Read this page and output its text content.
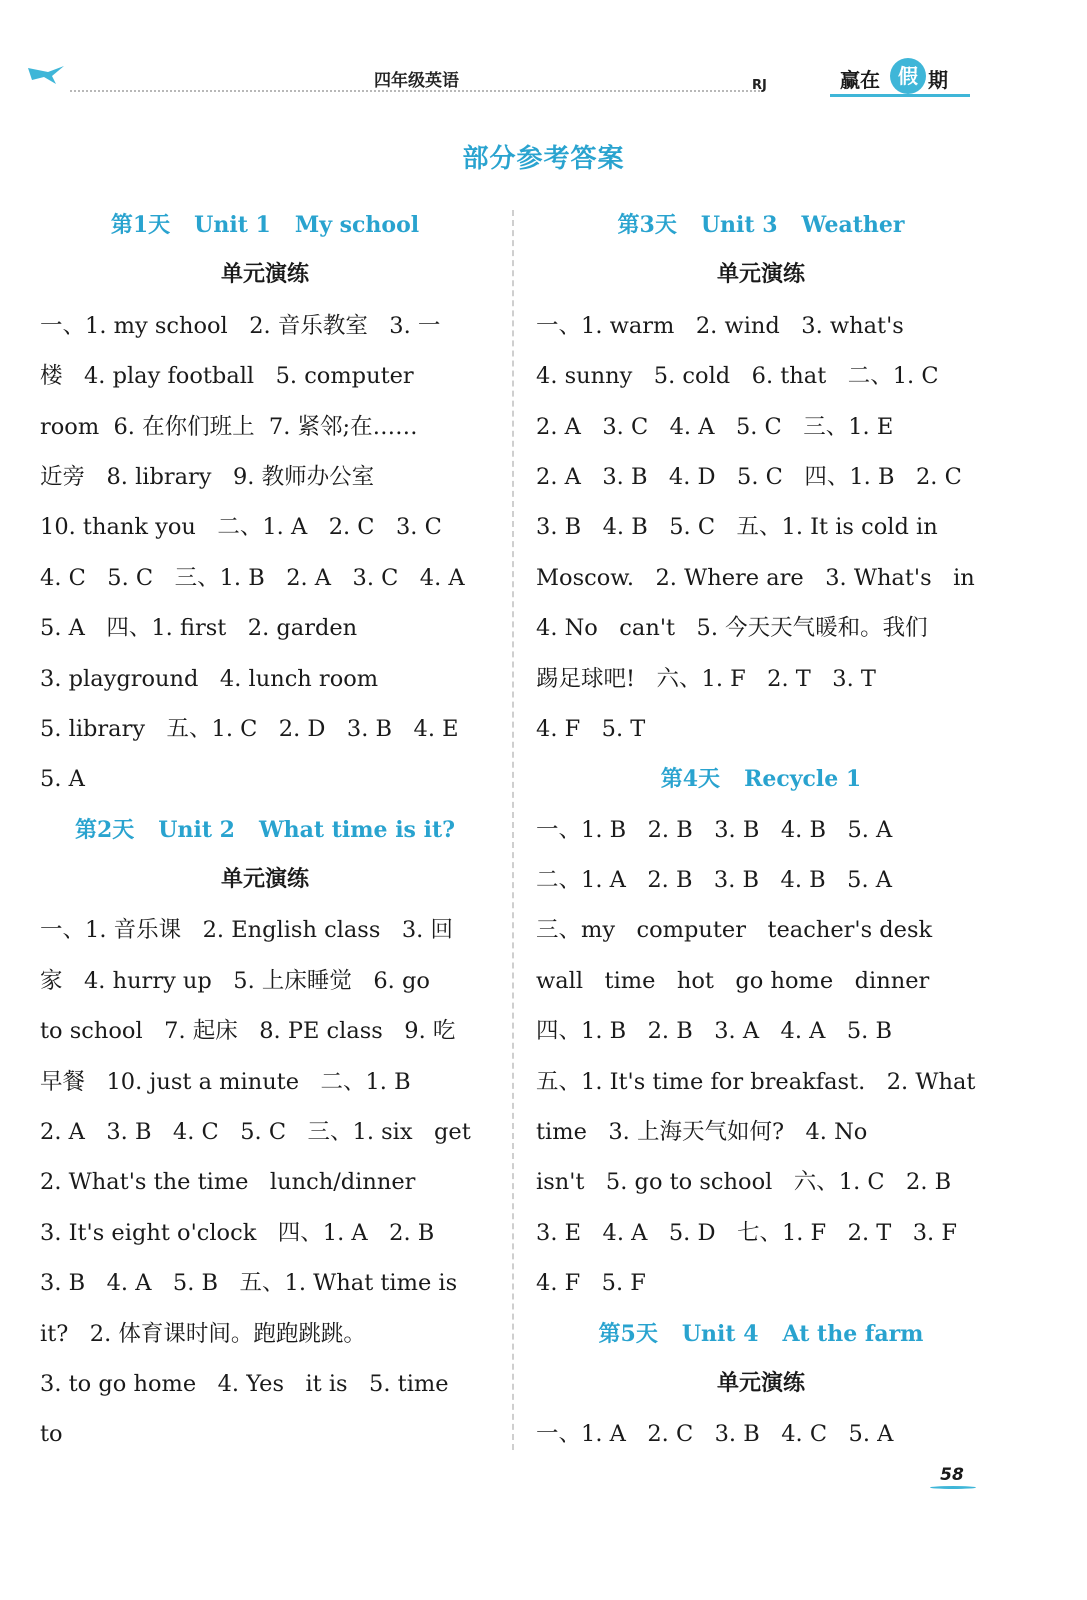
四年级英语	RJ	赢在 假 期
部分参考答案
第1天 Unit 1 My school
单元演练
一、1. my school   2. 音乐教室   3. 一
楼   4. play football   5. computer
room  6. 在你们班上  7. 紧邻;在……
近旁   8. library   9. 教师办公室
10. thank you   二、1. A   2. C   3. C
4. C   5. C   三、1. B   2. A   3. C   4. A
5. A   四、1. first   2. garden
3. playground   4. lunch room
5. library   五、1. C   2. D   3. B   4. E
5. A
第2天 Unit 2 What time is it?
单元演练
一、1. 音乐课   2. English class   3. 回
家   4. hurry up   5. 上床睡觉   6. go
to school   7. 起床   8. PE class   9. 吃
早餐   10. just a minute   二、1. B
2. A   3. B   4. C   5. C   三、1. six   get
2. What's the time   lunch/dinner
3. It's eight o'clock   四、1. A   2. B
3. B   4. A   5. B   五、1. What time is
it?   2. 体育课时间。跑跑跳跳。
3. to go home   4. Yes   it is   5. time
to
第3天 Unit 3 Weather
单元演练
一、1. warm   2. wind   3. what's
4. sunny   5. cold   6. that   二、1. C
2. A   3. C   4. A   5. C   三、1. E
2. A   3. B   4. D   5. C   四、1. B   2. C
3. B   4. B   5. C   五、1. It is cold in
Moscow.   2. Where are   3. What's   in
4. No   can't   5. 今天天气暖和。我们
踢足球吧!   六、1. F   2. T   3. T
4. F   5. T
第4天 Recycle 1
一、1. B   2. B   3. B   4. B   5. A
二、1. A   2. B   3. B   4. B   5. A
三、my   computer   teacher's desk
wall   time   hot   go home   dinner
四、1. B   2. B   3. A   4. A   5. B
五、1. It's time for breakfast.   2. What
time   3. 上海天气如何?   4. No
isn't   5. go to school   六、1. C   2. B
3. E   4. A   5. D   七、1. F   2. T   3. F
4. F   5. F
第5天 Unit 4 At the farm
单元演练
一、1. A   2. C   3. B   4. C   5. A
58
